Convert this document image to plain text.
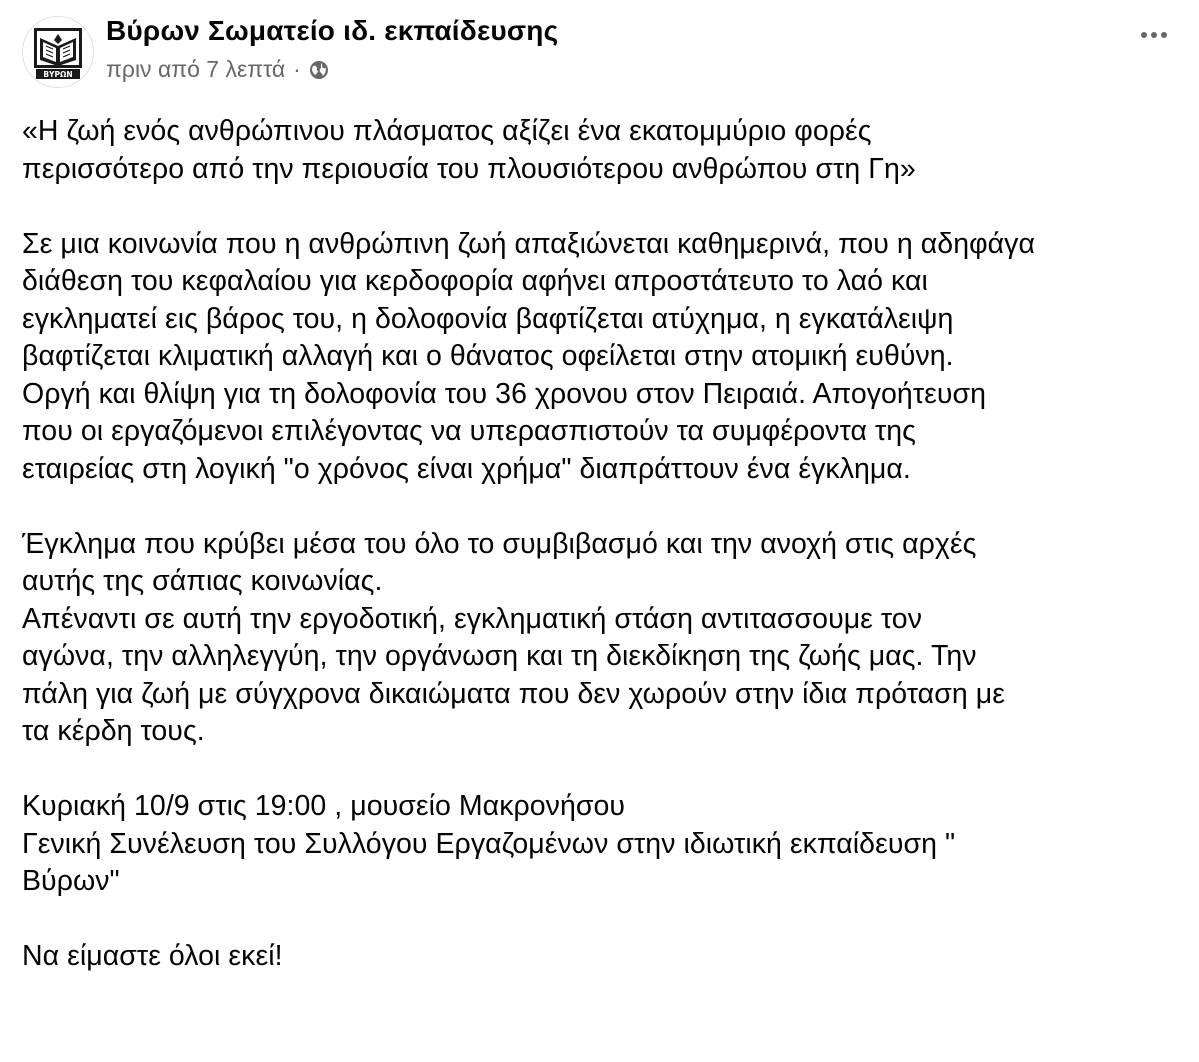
ΒΥΡΩΝ
Βύρων Σωματείο ιδ. εκπαίδευσης
πριν από 7 λεπτά ·
«Η ζωή ενός ανθρώπινου πλάσματος αξίζει ένα εκατομμύριο φορές
περισσότερο από την περιουσία του πλουσιότερου ανθρώπου στη Γη»
Σε μια κοινωνία που η ανθρώπινη ζωή απαξιώνεται καθημερινά, που η αδηφάγα
διάθεση του κεφαλαίου για κερδοφορία αφήνει απροστάτευτο το λαό και
εγκληματεί εις βάρος του, η δολοφονία βαφτίζεται ατύχημα, η εγκατάλειψη
βαφτίζεται κλιματική αλλαγή και ο θάνατος οφείλεται στην ατομική ευθύνη.
Οργή και θλίψη για τη δολοφονία του 36 χρονου στον Πειραιά. Απογοήτευση
που οι εργαζόμενοι επιλέγοντας να υπερασπιστούν τα συμφέροντα της
εταιρείας στη λογική "ο χρόνος είναι χρήμα" διαπράττουν ένα έγκλημα.
Έγκλημα που κρύβει μέσα του όλο το συμβιβασμό και την ανοχή στις αρχές
αυτής της σάπιας κοινωνίας.
Απέναντι σε αυτή την εργοδοτική, εγκληματική στάση αντιτασσουμε τον
αγώνα, την αλληλεγγύη, την οργάνωση και τη διεκδίκηση της ζωής μας. Την
πάλη για ζωή με σύγχρονα δικαιώματα που δεν χωρούν στην ίδια πρόταση με
τα κέρδη τους.
Κυριακή 10/9 στις 19:00 , μουσείο Μακρονήσου
Γενική Συνέλευση του Συλλόγου Εργαζομένων στην ιδιωτική εκπαίδευση "
Βύρων"
Να είμαστε όλοι εκεί!
